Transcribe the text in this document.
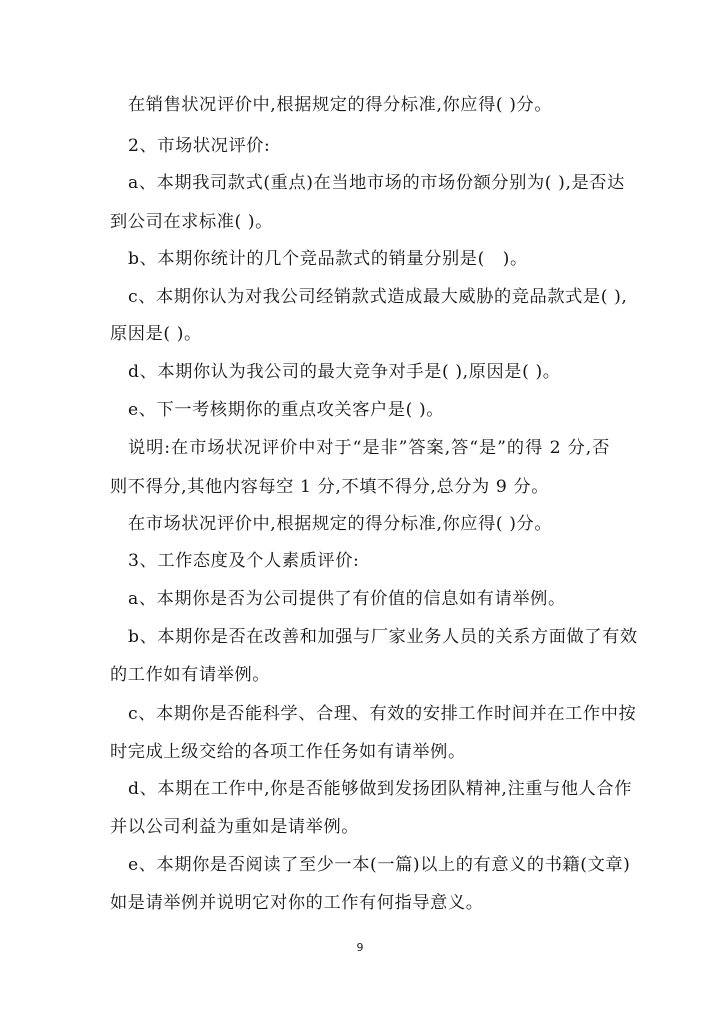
在销售状况评价中,根据规定的得分标准,你应得( )分。
2、市场状况评价:
a、本期我司款式(重点)在当地市场的市场份额分别为( ),是否达
到公司在求标准( )。
b、本期你统计的几个竞品款式的销量分别是(　)。
c、本期你认为对我公司经销款式造成最大威胁的竞品款式是( ),
原因是( )。
d、本期你认为我公司的最大竞争对手是( ),原因是( )。
e、下一考核期你的重点攻关客户是( )。
说明:在市场状况评价中对于“是非”答案,答“是”的得 2 分,否
则不得分,其他内容每空 1 分,不填不得分,总分为 9 分。
在市场状况评价中,根据规定的得分标准,你应得( )分。
3、工作态度及个人素质评价:
a、本期你是否为公司提供了有价值的信息如有请举例。
b、本期你是否在改善和加强与厂家业务人员的关系方面做了有效
的工作如有请举例。
c、本期你是否能科学、合理、有效的安排工作时间并在工作中按
时完成上级交给的各项工作任务如有请举例。
d、本期在工作中,你是否能够做到发扬团队精神,注重与他人合作
并以公司利益为重如是请举例。
e、本期你是否阅读了至少一本(一篇)以上的有意义的书籍(文章)
如是请举例并说明它对你的工作有何指导意义。
9
